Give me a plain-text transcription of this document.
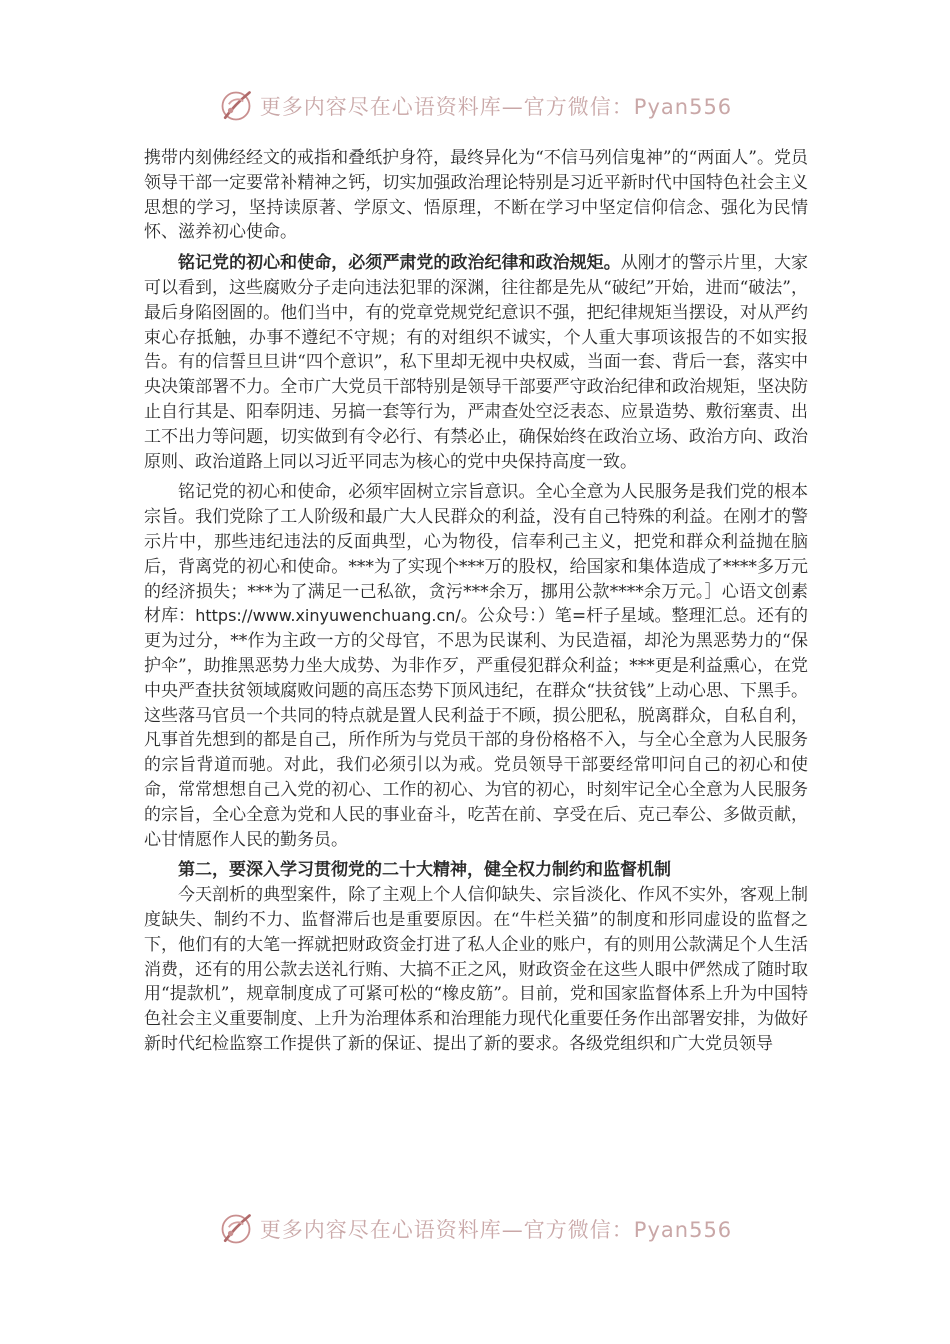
更多内容尽在心语资料库—官方微信：Pyan556

携带内刻佛经经文的戒指和叠纸护身符，最终异化为“不信马列信鬼神”的“两面人”。党员领导干部一定要常补精神之钙，切实加强政治理论特别是习近平新时代中国特色社会主义思想的学习，坚持读原著、学原文、悟原理，不断在学习中坚定信仰信念、强化为民情怀、滋养初心使命。

铭记党的初心和使命，必须严肃党的政治纪律和政治规矩。从刚才的警示片里，大家可以看到，这些腐败分子走向违法犯罪的深渊，往往都是先从“破纪”开始，进而“破法”，最后身陷囹圄的。他们当中，有的党章党规党纪意识不强，把纪律规矩当摆设，对从严约束心存抵触，办事不遵纪不守规；有的对组织不诚实，个人重大事项该报告的不如实报告。有的信誓旦旦讲“四个意识”，私下里却无视中央权威，当面一套、背后一套，落实中央决策部署不力。全市广大党员干部特别是领导干部要严守政治纪律和政治规矩，坚决防止自行其是、阳奉阴违、另搞一套等行为，严肃查处空泛表态、应景造势、敷衍塞责、出工不出力等问题，切实做到有令必行、有禁必止，确保始终在政治立场、政治方向、政治原则、政治道路上同以习近平同志为核心的党中央保持高度一致。

铭记党的初心和使命，必须牢固树立宗旨意识。全心全意为人民服务是我们党的根本宗旨。我们党除了工人阶级和最广大人民群众的利益，没有自己特殊的利益。在刚才的警示片中，那些违纪违法的反面典型，心为物役，信奉利己主义，把党和群众利益抛在脑后，背离党的初心和使命。***为了实现个***万的股权，给国家和集体造成了****多万元的经济损失；***为了满足一己私欲，贪污***余万，挪用公款****余万元。］心语文创素材库：https://www.xinyuwenchuang.cn/。公众号：）笔=杆子星域。整理汇总。还有的更为过分，**作为主政一方的父母官，不思为民谋利、为民造福，却沦为黑恶势力的“保护伞”，助推黑恶势力坐大成势、为非作歹，严重侵犯群众利益；***更是利益熏心，在党中央严查扶贫领域腐败问题的高压态势下顶风违纪，在群众“扶贫钱”上动心思、下黑手。这些落马官员一个共同的特点就是置人民利益于不顾，损公肥私，脱离群众，自私自利，凡事首先想到的都是自己，所作所为与党员干部的身份格格不入，与全心全意为人民服务的宗旨背道而驰。对此，我们必须引以为戒。党员领导干部要经常叩问自己的初心和使命，常常想想自己入党的初心、工作的初心、为官的初心，时刻牢记全心全意为人民服务的宗旨，全心全意为党和人民的事业奋斗，吃苦在前、享受在后、克己奉公、多做贡献，心甘情愿作人民的勤务员。

第二，要深入学习贯彻党的二十大精神，健全权力制约和监督机制

今天剖析的典型案件，除了主观上个人信仰缺失、宗旨淡化、作风不实外，客观上制度缺失、制约不力、监督滞后也是重要原因。在“牛栏关猫”的制度和形同虚设的监督之下，他们有的大笔一挥就把财政资金打进了私人企业的账户，有的则用公款满足个人生活消费，还有的用公款去送礼行贿、大搞不正之风，财政资金在这些人眼中俨然成了随时取用“提款机”，规章制度成了可紧可松的“橡皮筋”。目前，党和国家监督体系上升为中国特色社会主义重要制度、上升为治理体系和治理能力现代化重要任务作出部署安排，为做好新时代纪检监察工作提供了新的保证、提出了新的要求。各级党组织和广大党员领导

更多内容尽在心语资料库—官方微信：Pyan556
